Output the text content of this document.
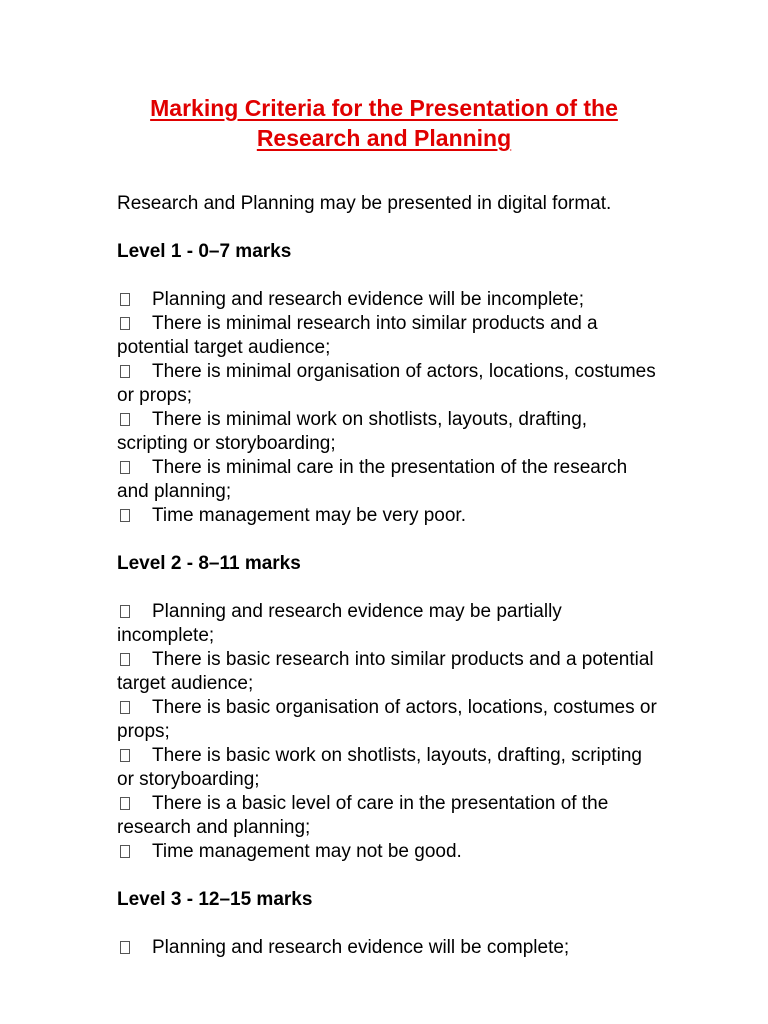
Marking Criteria for the Presentation of the
Research and Planning

Research and Planning may be presented in digital format.

Level 1 - 0–7 marks
Planning and research evidence will be incomplete;
There is minimal research into similar products and a potential target audience;
There is minimal organisation of actors, locations, costumes or props;
There is minimal work on shotlists, layouts, drafting, scripting or storyboarding;
There is minimal care in the presentation of the research and planning;
Time management may be very poor.
Level 2 - 8–11 marks
Planning and research evidence may be partially incomplete;
There is basic research into similar products and a potential target audience;
There is basic organisation of actors, locations, costumes or props;
There is basic work on shotlists, layouts, drafting, scripting or storyboarding;
There is a basic level of care in the presentation of the research and planning;
Time management may not be good.
Level 3 - 12–15 marks
Planning and research evidence will be complete;
